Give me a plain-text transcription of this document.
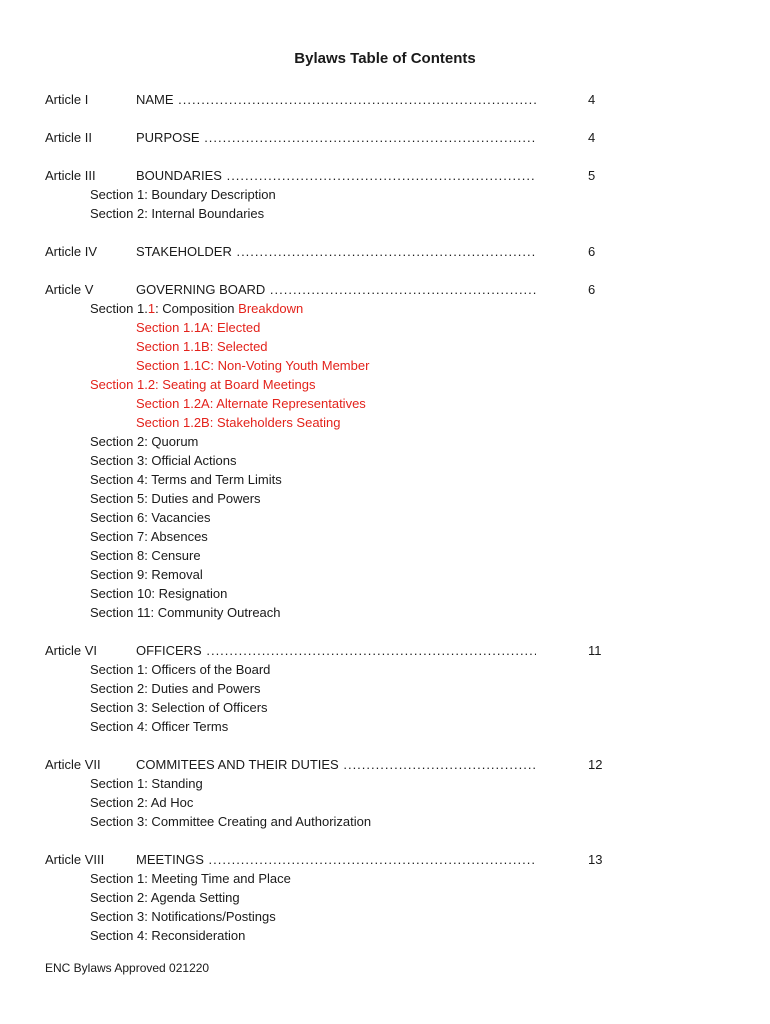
Bylaws Table of Contents
Article I	NAME .....	4
Article II	PURPOSE .....	4
Article III	BOUNDARIES .....	5
Section 1: Boundary Description
Section 2: Internal Boundaries
Article IV	STAKEHOLDER .....	6
Article V	GOVERNING BOARD .....	6
Section 1.1: Composition Breakdown
Section 1.1A: Elected
Section 1.1B: Selected
Section 1.1C: Non-Voting Youth Member
Section 1.2: Seating at Board Meetings
Section 1.2A: Alternate Representatives
Section 1.2B: Stakeholders Seating
Section 2: Quorum
Section 3: Official Actions
Section 4: Terms and Term Limits
Section 5: Duties and Powers
Section 6: Vacancies
Section 7: Absences
Section 8: Censure
Section 9: Removal
Section 10: Resignation
Section 11: Community Outreach
Article VI	OFFICERS .....	11
Section 1: Officers of the Board
Section 2: Duties and Powers
Section 3: Selection of Officers
Section 4: Officer Terms
Article VII	COMMITEES AND THEIR DUTIES .....	12
Section 1: Standing
Section 2: Ad Hoc
Section 3: Committee Creating and Authorization
Article VIII MEETINGS .....	13
Section 1: Meeting Time and Place
Section 2: Agenda Setting
Section 3: Notifications/Postings
Section 4: Reconsideration
ENC Bylaws Approved 021220
